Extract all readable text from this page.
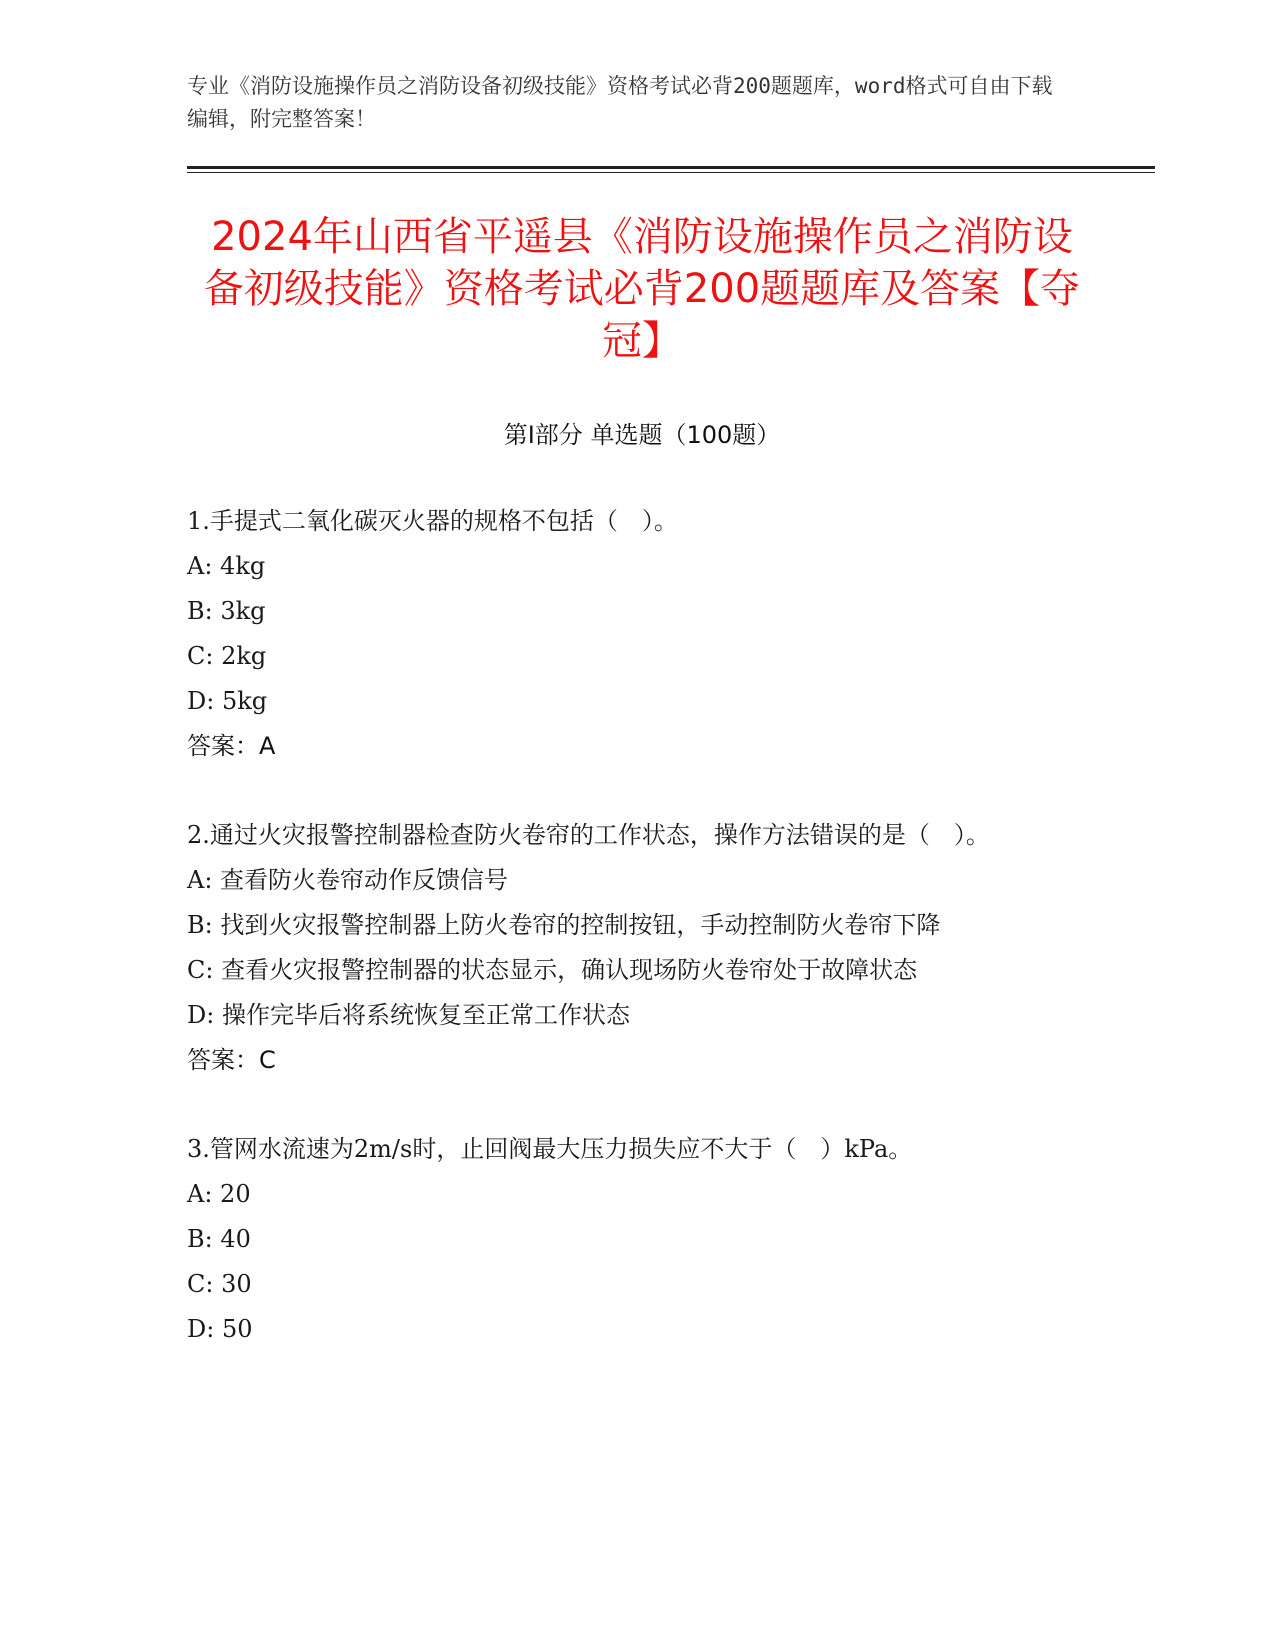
专业《消防设施操作员之消防设备初级技能》资格考试必背200题题库，word格式可自由下载编辑，附完整答案！

2024年山西省平遥县《消防设施操作员之消防设备初级技能》资格考试必背200题题库及答案【夺冠】
第Ⅰ部分 单选题（100题）
1.手提式二氧化碳灭火器的规格不包括（　）。
A: 4kg
B: 3kg
C: 2kg
D: 5kg
答案：A
2.通过火灾报警控制器检查防火卷帘的工作状态，操作方法错误的是（　）。
A: 查看防火卷帘动作反馈信号
B: 找到火灾报警控制器上防火卷帘的控制按钮，手动控制防火卷帘下降
C: 查看火灾报警控制器的状态显示，确认现场防火卷帘处于故障状态
D: 操作完毕后将系统恢复至正常工作状态
答案：C
3.管网水流速为2m/s时，止回阀最大压力损失应不大于（　）kPa。
A: 20
B: 40
C: 30
D: 50
